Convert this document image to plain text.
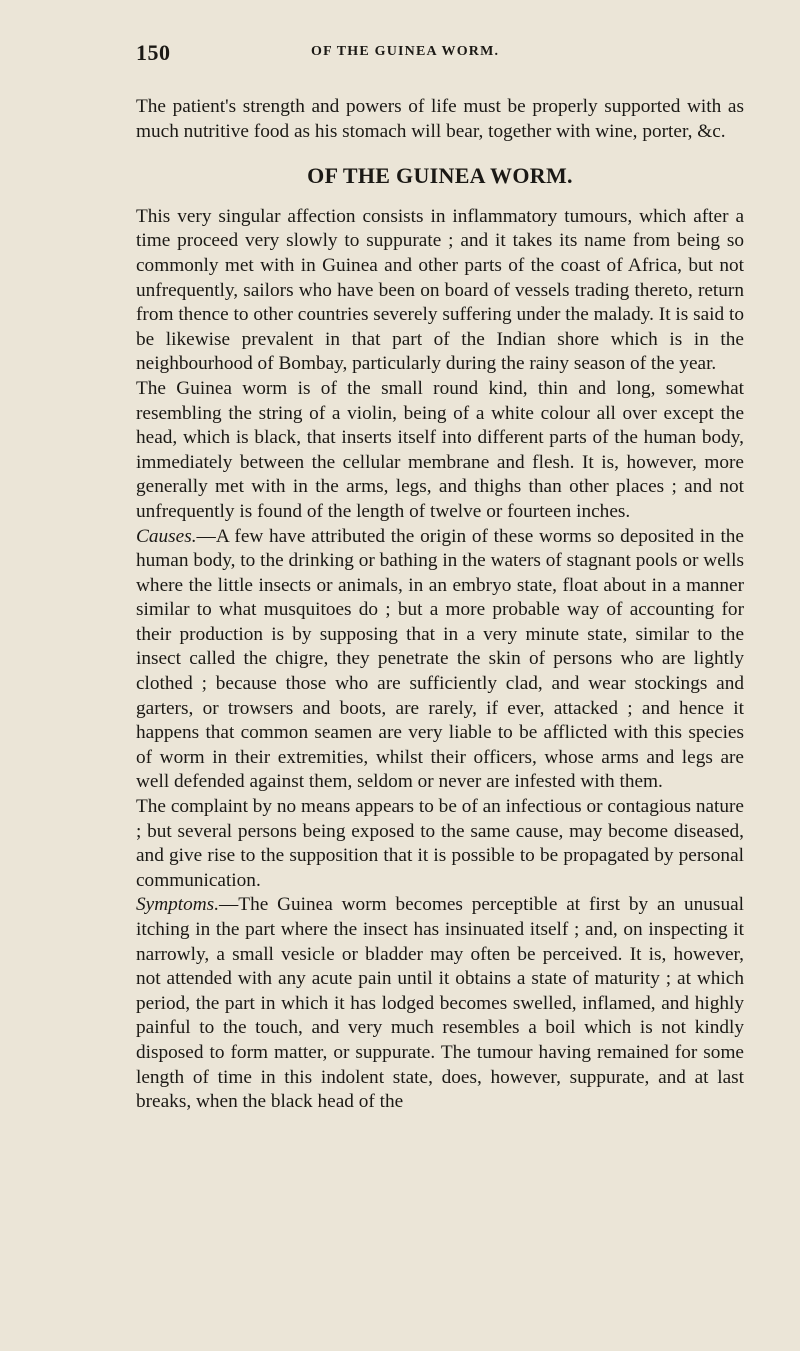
150	OF THE GUINEA WORM.

The patient's strength and powers of life must be properly supported with as much nutritive food as his stomach will bear, together with wine, porter, &c.

OF THE GUINEA WORM.

This very singular affection consists in inflammatory tumours, which after a time proceed very slowly to suppurate ; and it takes its name from being so commonly met with in Guinea and other parts of the coast of Africa, but not unfrequently, sailors who have been on board of vessels trading thereto, return from thence to other countries severely suffering under the malady. It is said to be likewise prevalent in that part of the Indian shore which is in the neighbourhood of Bombay, particularly during the rainy season of the year.

The Guinea worm is of the small round kind, thin and long, somewhat resembling the string of a violin, being of a white colour all over except the head, which is black, that inserts itself into different parts of the human body, immediately between the cellular membrane and flesh. It is, however, more generally met with in the arms, legs, and thighs than other places ; and not unfrequently is found of the length of twelve or fourteen inches.

Causes.—A few have attributed the origin of these worms so deposited in the human body, to the drinking or bathing in the waters of stagnant pools or wells where the little insects or animals, in an embryo state, float about in a manner similar to what musquitoes do ; but a more probable way of accounting for their production is by supposing that in a very minute state, similar to the insect called the chigre, they penetrate the skin of persons who are lightly clothed ; because those who are sufficiently clad, and wear stockings and garters, or trowsers and boots, are rarely, if ever, attacked ; and hence it happens that common seamen are very liable to be afflicted with this species of worm in their extremities, whilst their officers, whose arms and legs are well defended against them, seldom or never are infested with them.

The complaint by no means appears to be of an infectious or contagious nature ; but several persons being exposed to the same cause, may become diseased, and give rise to the supposition that it is possible to be propagated by personal communication.

Symptoms.—The Guinea worm becomes perceptible at first by an unusual itching in the part where the insect has insinuated itself ; and, on inspecting it narrowly, a small vesicle or bladder may often be perceived. It is, however, not attended with any acute pain until it obtains a state of maturity ; at which period, the part in which it has lodged becomes swelled, inflamed, and highly painful to the touch, and very much resembles a boil which is not kindly disposed to form matter, or suppurate. The tumour having remained for some length of time in this indolent state, does, however, suppurate, and at last breaks, when the black head of the
